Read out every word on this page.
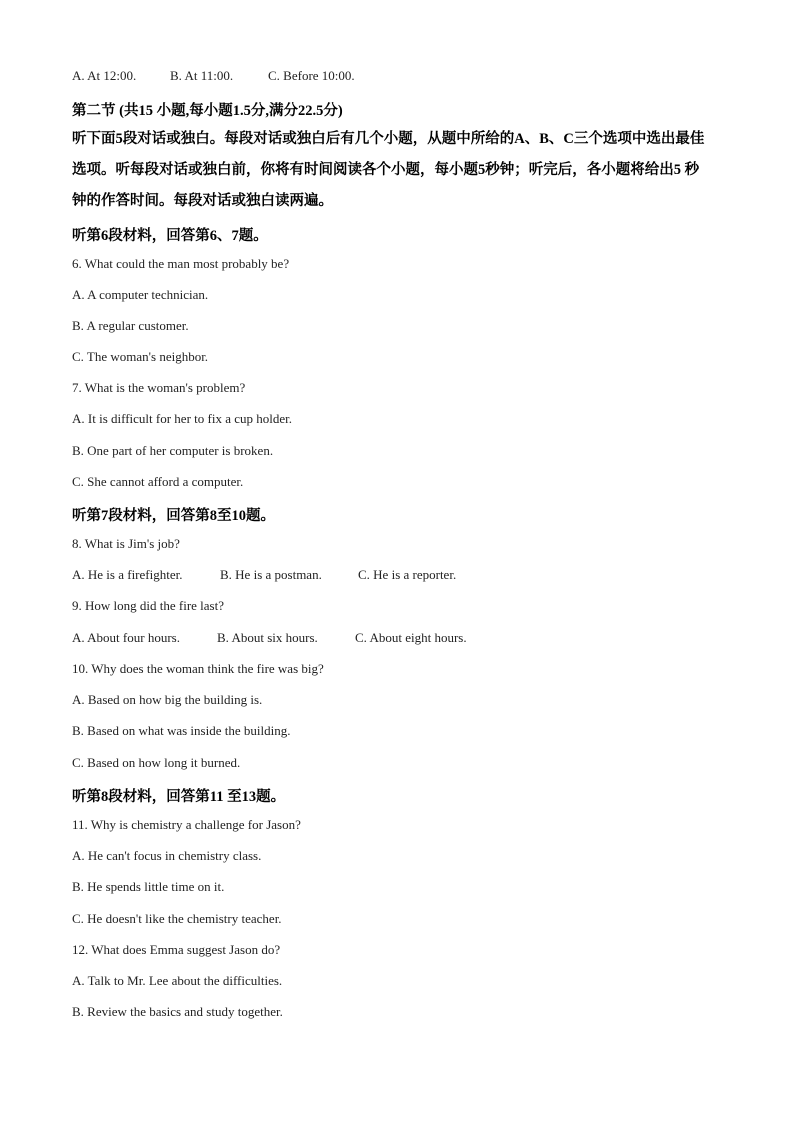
A. At 12:00.	B. At 11:00.	C. Before 10:00.
第二节 (共15 小题,每小题1.5分,满分22.5分)
听下面5段对话或独白。每段对话或独白后有几个小题，从题中所给的A、B、C三个选项中选出最佳选项。听每段对话或独白前，你将有时间阅读各个小题，每小题5秒钟；听完后，各小题将给出5 秒钟的作答时间。每段对话或独白读两遍。
听第6段材料，回答第6、7题。
6. What could the man most probably be?
A. A computer technician.
B. A regular customer.
C. The woman's neighbor.
7. What is the woman's problem?
A. It is difficult for her to fix a cup holder.
B. One part of her computer is broken.
C. She cannot afford a computer.
听第7段材料，回答第8至10题。
8. What is Jim's job?
A. He is a firefighter.	B. He is a postman.	C. He is a reporter.
9. How long did the fire last?
A. About four hours.	B. About six hours.	C. About eight hours.
10. Why does the woman think the fire was big?
A. Based on how big the building is.
B. Based on what was inside the building.
C. Based on how long it burned.
听第8段材料，回答第11 至13题。
11. Why is chemistry a challenge for Jason?
A. He can't focus in chemistry class.
B. He spends little time on it.
C. He doesn't like the chemistry teacher.
12. What does Emma suggest Jason do?
A. Talk to Mr. Lee about the difficulties.
B. Review the basics and study together.
